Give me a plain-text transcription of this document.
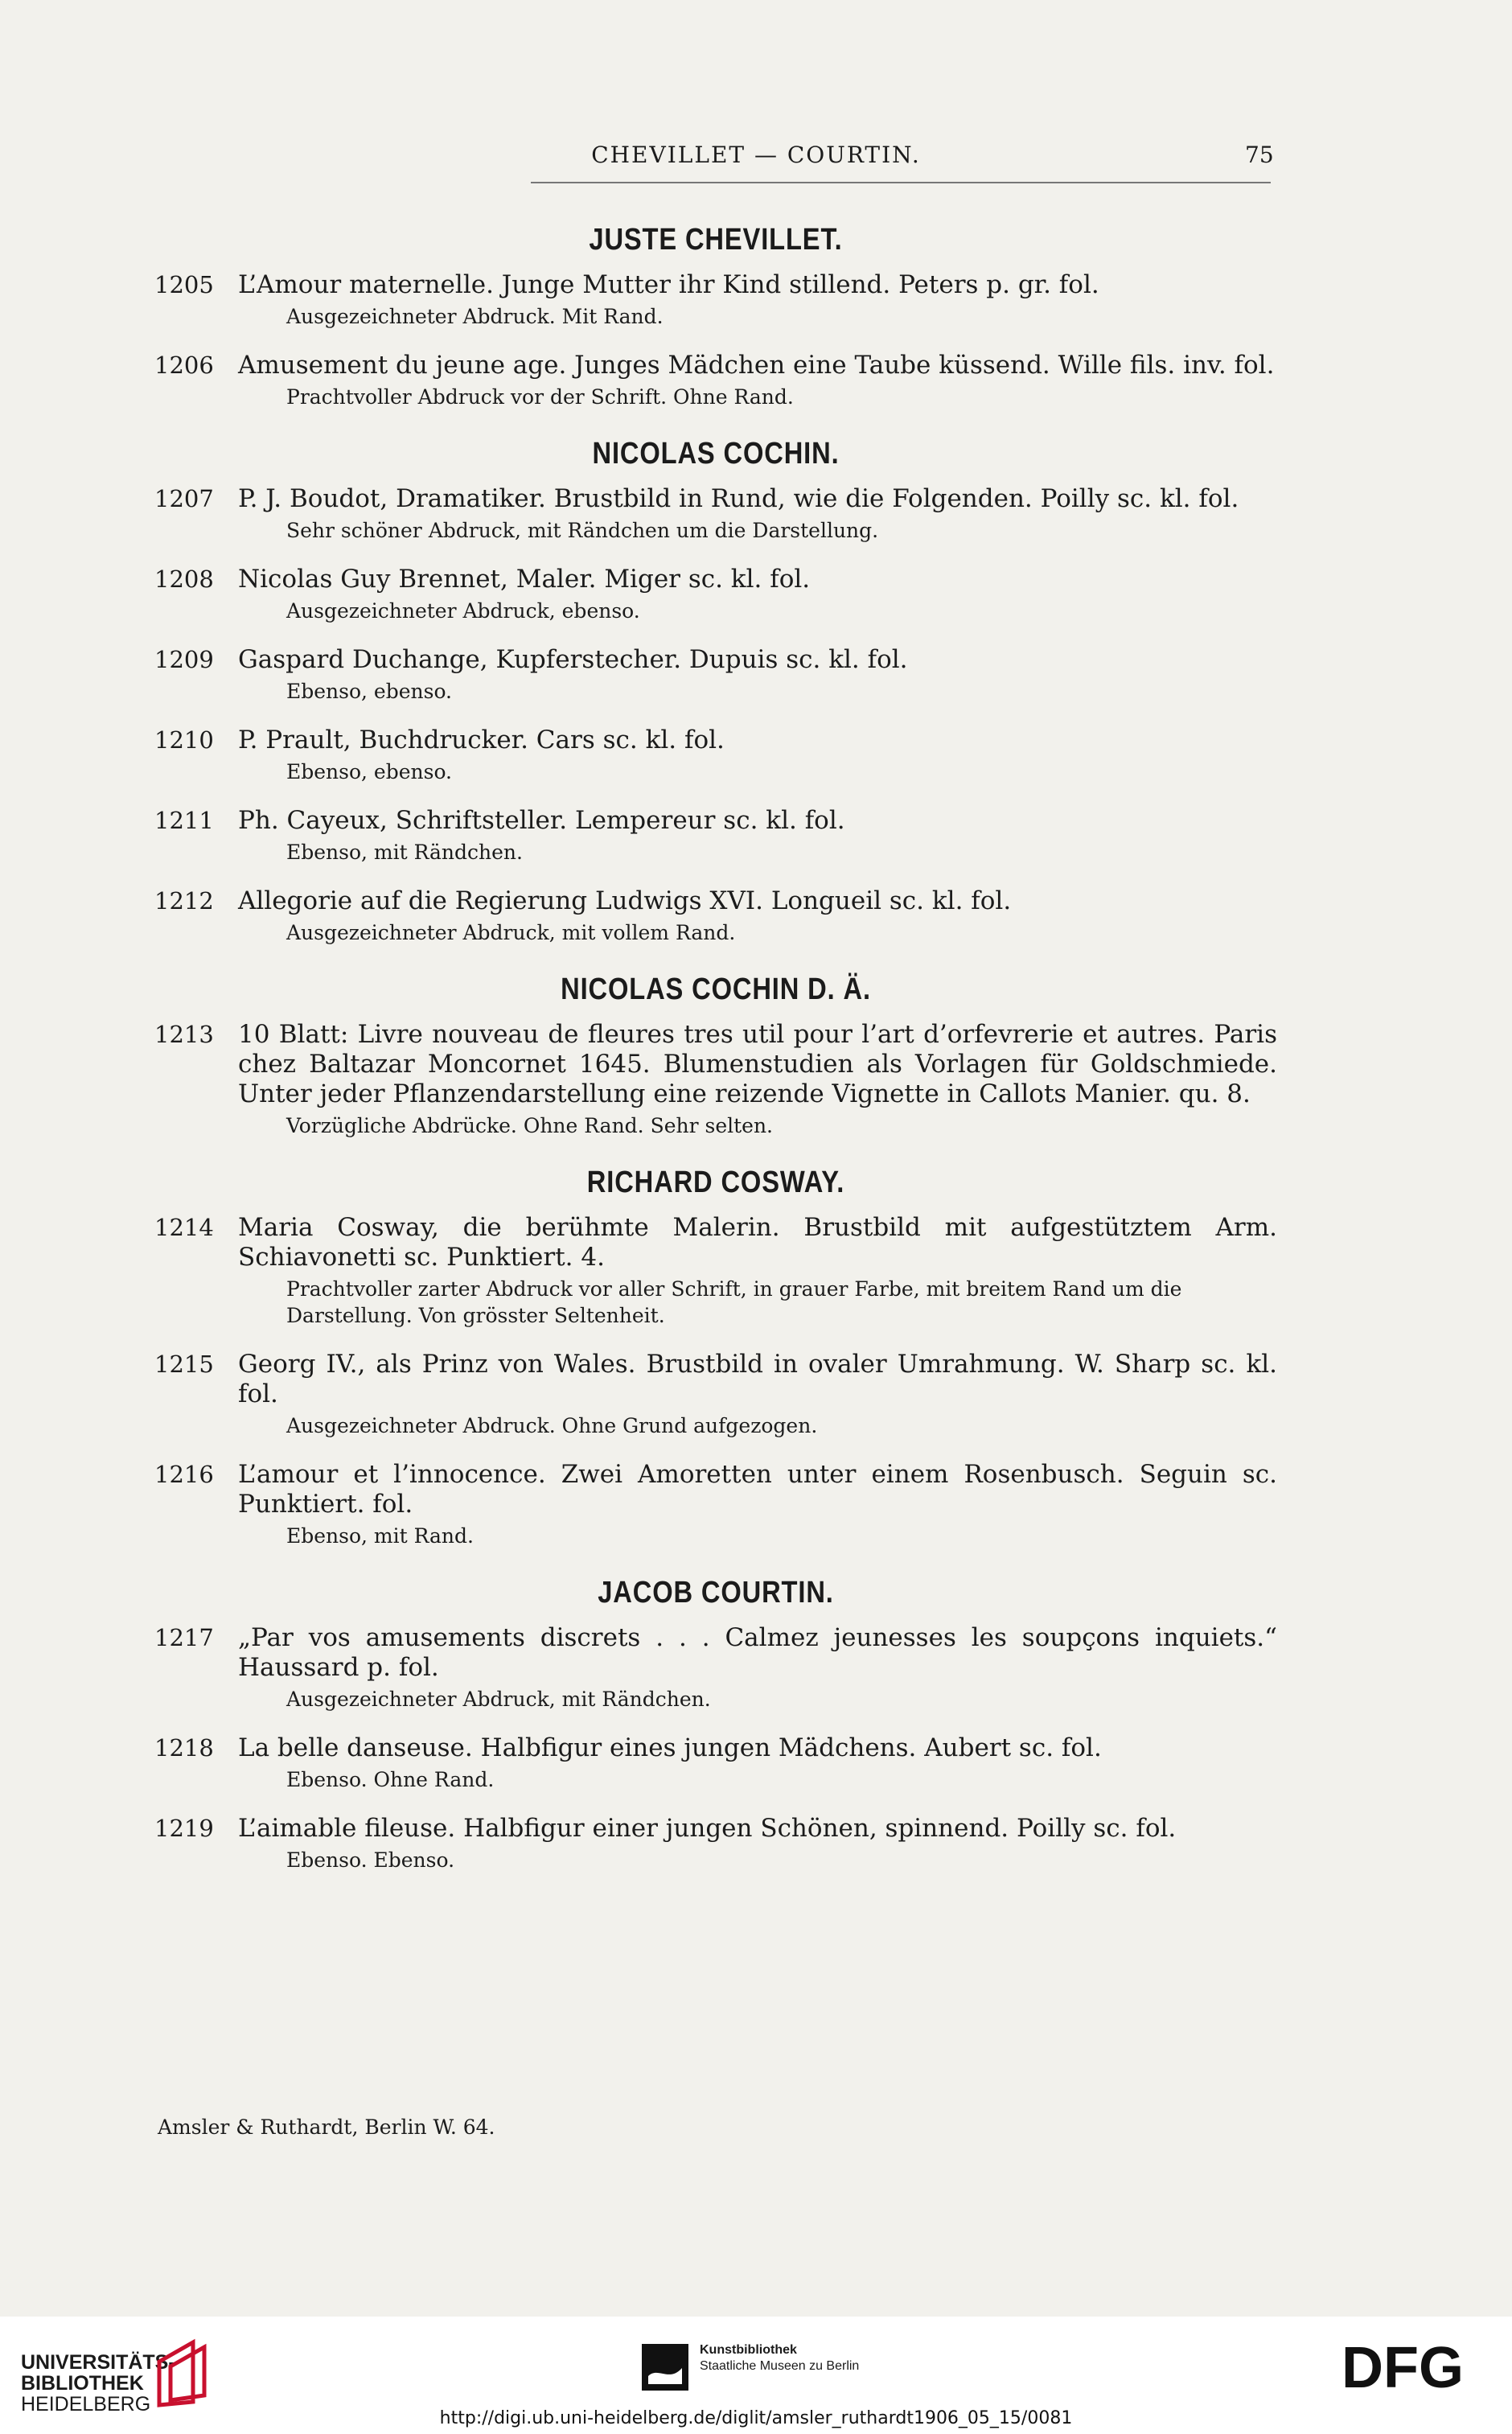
CHEVILLET — COURTIN.	75
JUSTE CHEVILLET.
1205 L’Amour maternelle. Junge Mutter ihr Kind stillend. Peters p. gr. fol.
Ausgezeichneter Abdruck. Mit Rand.
1206 Amusement du jeune age. Junges Mädchen eine Taube küssend. Wille fils. inv. fol.
Prachtvoller Abdruck vor der Schrift. Ohne Rand.
NICOLAS COCHIN.
1207 P. J. Boudot, Dramatiker. Brustbild in Rund, wie die Folgenden. Poilly sc. kl. fol.
Sehr schöner Abdruck, mit Rändchen um die Darstellung.
1208 Nicolas Guy Brennet, Maler. Miger sc. kl. fol.
Ausgezeichneter Abdruck, ebenso.
1209 Gaspard Duchange, Kupferstecher. Dupuis sc. kl. fol.
Ebenso, ebenso.
1210 P. Prault, Buchdrucker. Cars sc. kl. fol.
Ebenso, ebenso.
1211 Ph. Cayeux, Schriftsteller. Lempereur sc. kl. fol.
Ebenso, mit Rändchen.
1212 Allegorie auf die Regierung Ludwigs XVI. Longueil sc. kl. fol.
Ausgezeichneter Abdruck, mit vollem Rand.
NICOLAS COCHIN D. Ä.
1213 10 Blatt: Livre nouveau de fleures tres util pour l’art d’orfevrerie et autres. Paris chez Baltazar Moncornet 1645. Blumenstudien als Vorlagen für Goldschmiede. Unter jeder Pflanzendarstellung eine reizende Vignette in Callots Manier. qu. 8.
Vorzügliche Abdrücke. Ohne Rand. Sehr selten.
RICHARD COSWAY.
1214 Maria Cosway, die berühmte Malerin. Brustbild mit aufgestütztem Arm. Schiavonetti sc. Punktiert. 4.
Prachtvoller zarter Abdruck vor aller Schrift, in grauer Farbe, mit breitem Rand um die Darstellung. Von grösster Seltenheit.
1215 Georg IV., als Prinz von Wales. Brustbild in ovaler Umrahmung. W. Sharp sc. kl. fol.
Ausgezeichneter Abdruck. Ohne Grund aufgezogen.
1216 L’amour et l’innocence. Zwei Amoretten unter einem Rosenbusch. Seguin sc. Punktiert. fol.
Ebenso, mit Rand.
JACOB COURTIN.
1217 „Par vos amusements discrets . . . Calmez jeunesses les soupçons inquiets.“ Haussard p. fol.
Ausgezeichneter Abdruck, mit Rändchen.
1218 La belle danseuse. Halbfigur eines jungen Mädchens. Aubert sc. fol.
Ebenso. Ohne Rand.
1219 L’aimable fileuse. Halbfigur einer jungen Schönen, spinnend. Poilly sc. fol.
Ebenso. Ebenso.
Amsler & Ruthardt, Berlin W. 64.
UNIVERSITÄTS-
BIBLIOTHEK
HEIDELBERG
Kunstbibliothek
Staatliche Museen zu Berlin	DFG
http://digi.ub.uni-heidelberg.de/diglit/amsler_ruthardt1906_05_15/0081
